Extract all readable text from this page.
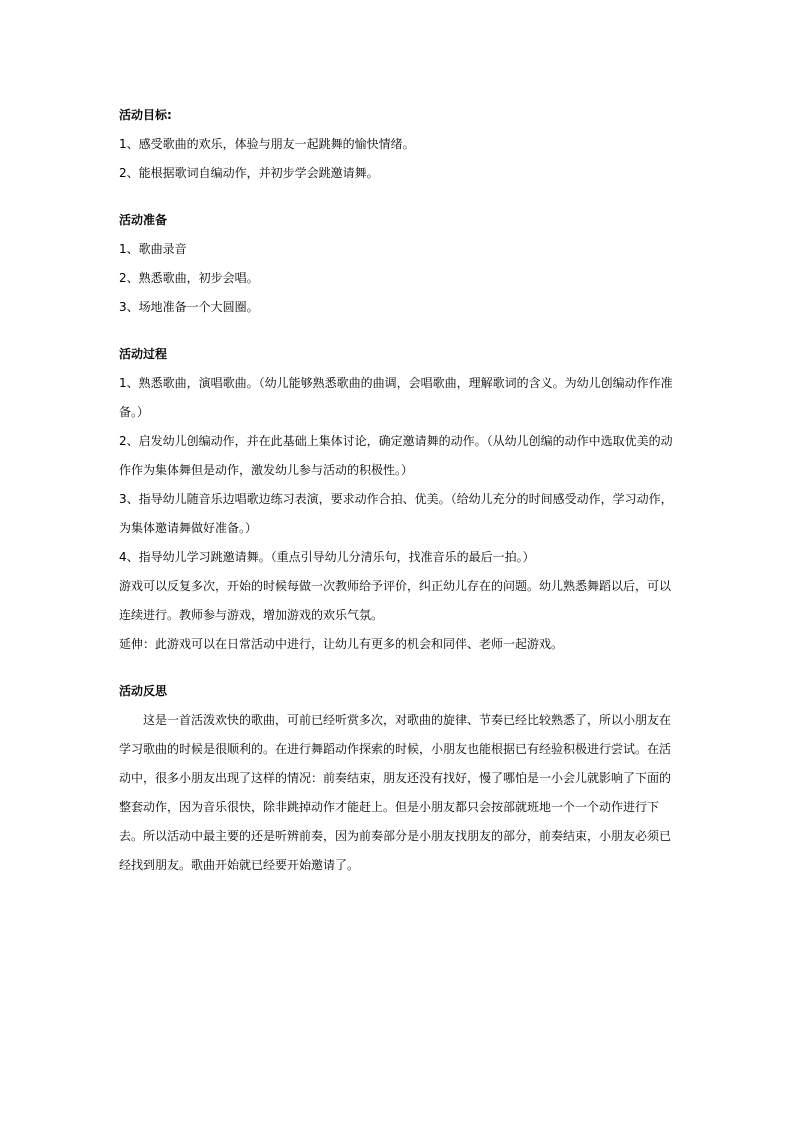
活动目标:

1、感受歌曲的欢乐，体验与朋友一起跳舞的愉快情绪。

2、能根据歌词自编动作，并初步学会跳邀请舞。

活动准备

1、歌曲录音

2、熟悉歌曲，初步会唱。

3、场地准备一个大圆圈。

活动过程

1、熟悉歌曲，演唱歌曲。（幼儿能够熟悉歌曲的曲调，会唱歌曲，理解歌词的含义。为幼儿创编动作作准备。）

2、启发幼儿创编动作，并在此基础上集体讨论，确定邀请舞的动作。（从幼儿创编的动作中选取优美的动作作为集体舞但是动作，激发幼儿参与活动的积极性。）

3、指导幼儿随音乐边唱歌边练习表演，要求动作合拍、优美。（给幼儿充分的时间感受动作，学习动作，为集体邀请舞做好准备。）

4、指导幼儿学习跳邀请舞。（重点引导幼儿分清乐句，找准音乐的最后一拍。）

游戏可以反复多次，开始的时候每做一次教师给予评价，纠正幼儿存在的问题。幼儿熟悉舞蹈以后，可以连续进行。教师参与游戏，增加游戏的欢乐气氛。

延伸：此游戏可以在日常活动中进行，让幼儿有更多的机会和同伴、老师一起游戏。

活动反思

这是一首活泼欢快的歌曲，可前已经听赏多次，对歌曲的旋律、节奏已经比较熟悉了，所以小朋友在学习歌曲的时候是很顺利的。在进行舞蹈动作探索的时候，小朋友也能根据已有经验积极进行尝试。在活动中，很多小朋友出现了这样的情况：前奏结束，朋友还没有找好，慢了哪怕是一小会儿就影响了下面的整套动作，因为音乐很快，除非跳掉动作才能赶上。但是小朋友都只会按部就班地一个一个动作进行下去。所以活动中最主要的还是听辨前奏，因为前奏部分是小朋友找朋友的部分，前奏结束，小朋友必须已经找到朋友。歌曲开始就已经要开始邀请了。
